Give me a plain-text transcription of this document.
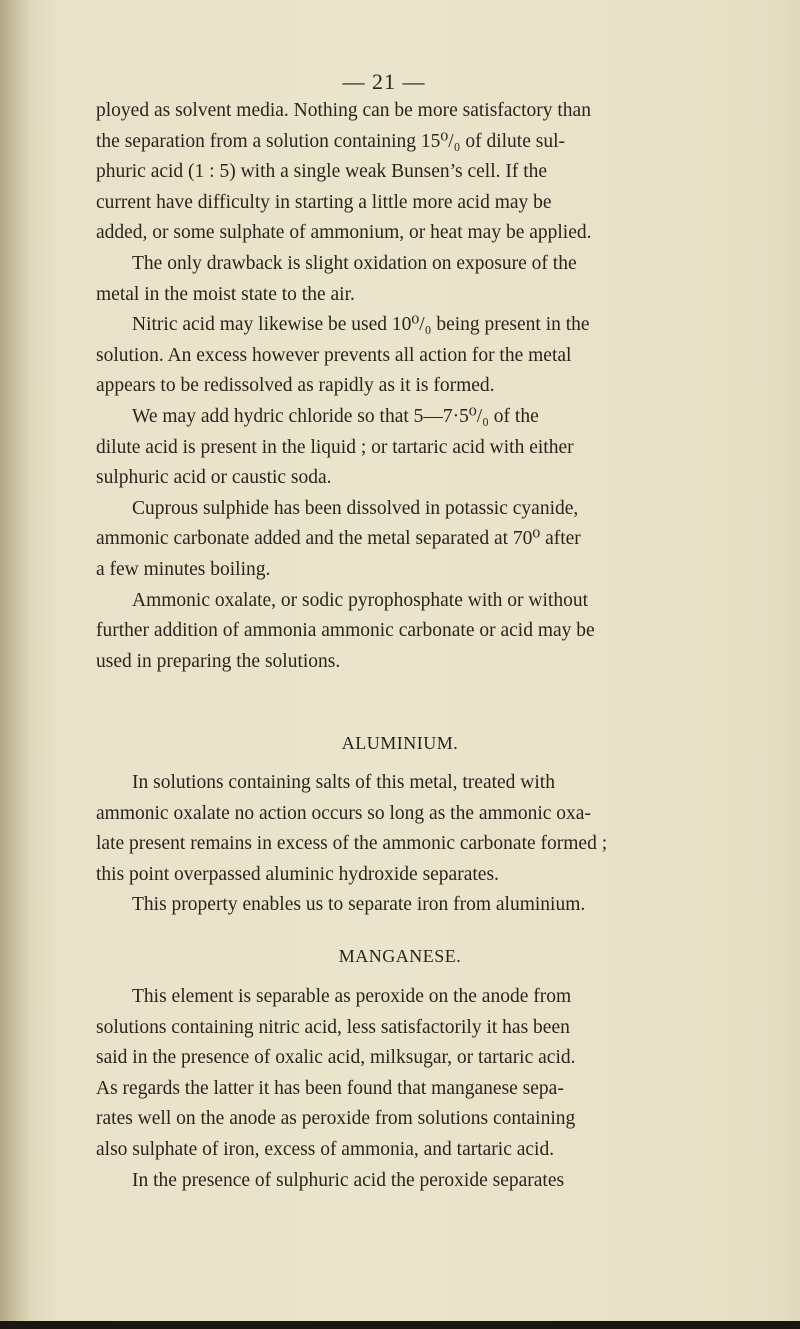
— 21 —

ployed as solvent media. Nothing can be more satisfactory than
the separation from a solution containing 15⁰/₀ of dilute sul-
phuric acid (1 : 5) with a single weak Bunsen’s cell. If the
current have difficulty in starting a little more acid may be
added, or some sulphate of ammonium, or heat may be applied.
The only drawback is slight oxidation on exposure of the
metal in the moist state to the air.
Nitric acid may likewise be used 10⁰/₀ being present in the
solution. An excess however prevents all action for the metal
appears to be redissolved as rapidly as it is formed.
We may add hydric chloride so that 5—7·5⁰/₀ of the
dilute acid is present in the liquid ; or tartaric acid with either
sulphuric acid or caustic soda.
Cuprous sulphide has been dissolved in potassic cyanide,
ammonic carbonate added and the metal separated at 70⁰ after
a few minutes boiling.
Ammonic oxalate, or sodic pyrophosphate with or without
further addition of ammonia ammonic carbonate or acid may be
used in preparing the solutions.

ALUMINIUM.

In solutions containing salts of this metal, treated with
ammonic oxalate no action occurs so long as the ammonic oxa-
late present remains in excess of the ammonic carbonate formed ;
this point overpassed aluminic hydroxide separates.
This property enables us to separate iron from aluminium.

MANGANESE.

This element is separable as peroxide on the anode from
solutions containing nitric acid, less satisfactorily it has been
said in the presence of oxalic acid, milksugar, or tartaric acid.
As regards the latter it has been found that manganese sepa-
rates well on the anode as peroxide from solutions containing
also sulphate of iron, excess of ammonia, and tartaric acid.
In the presence of sulphuric acid the peroxide separates
